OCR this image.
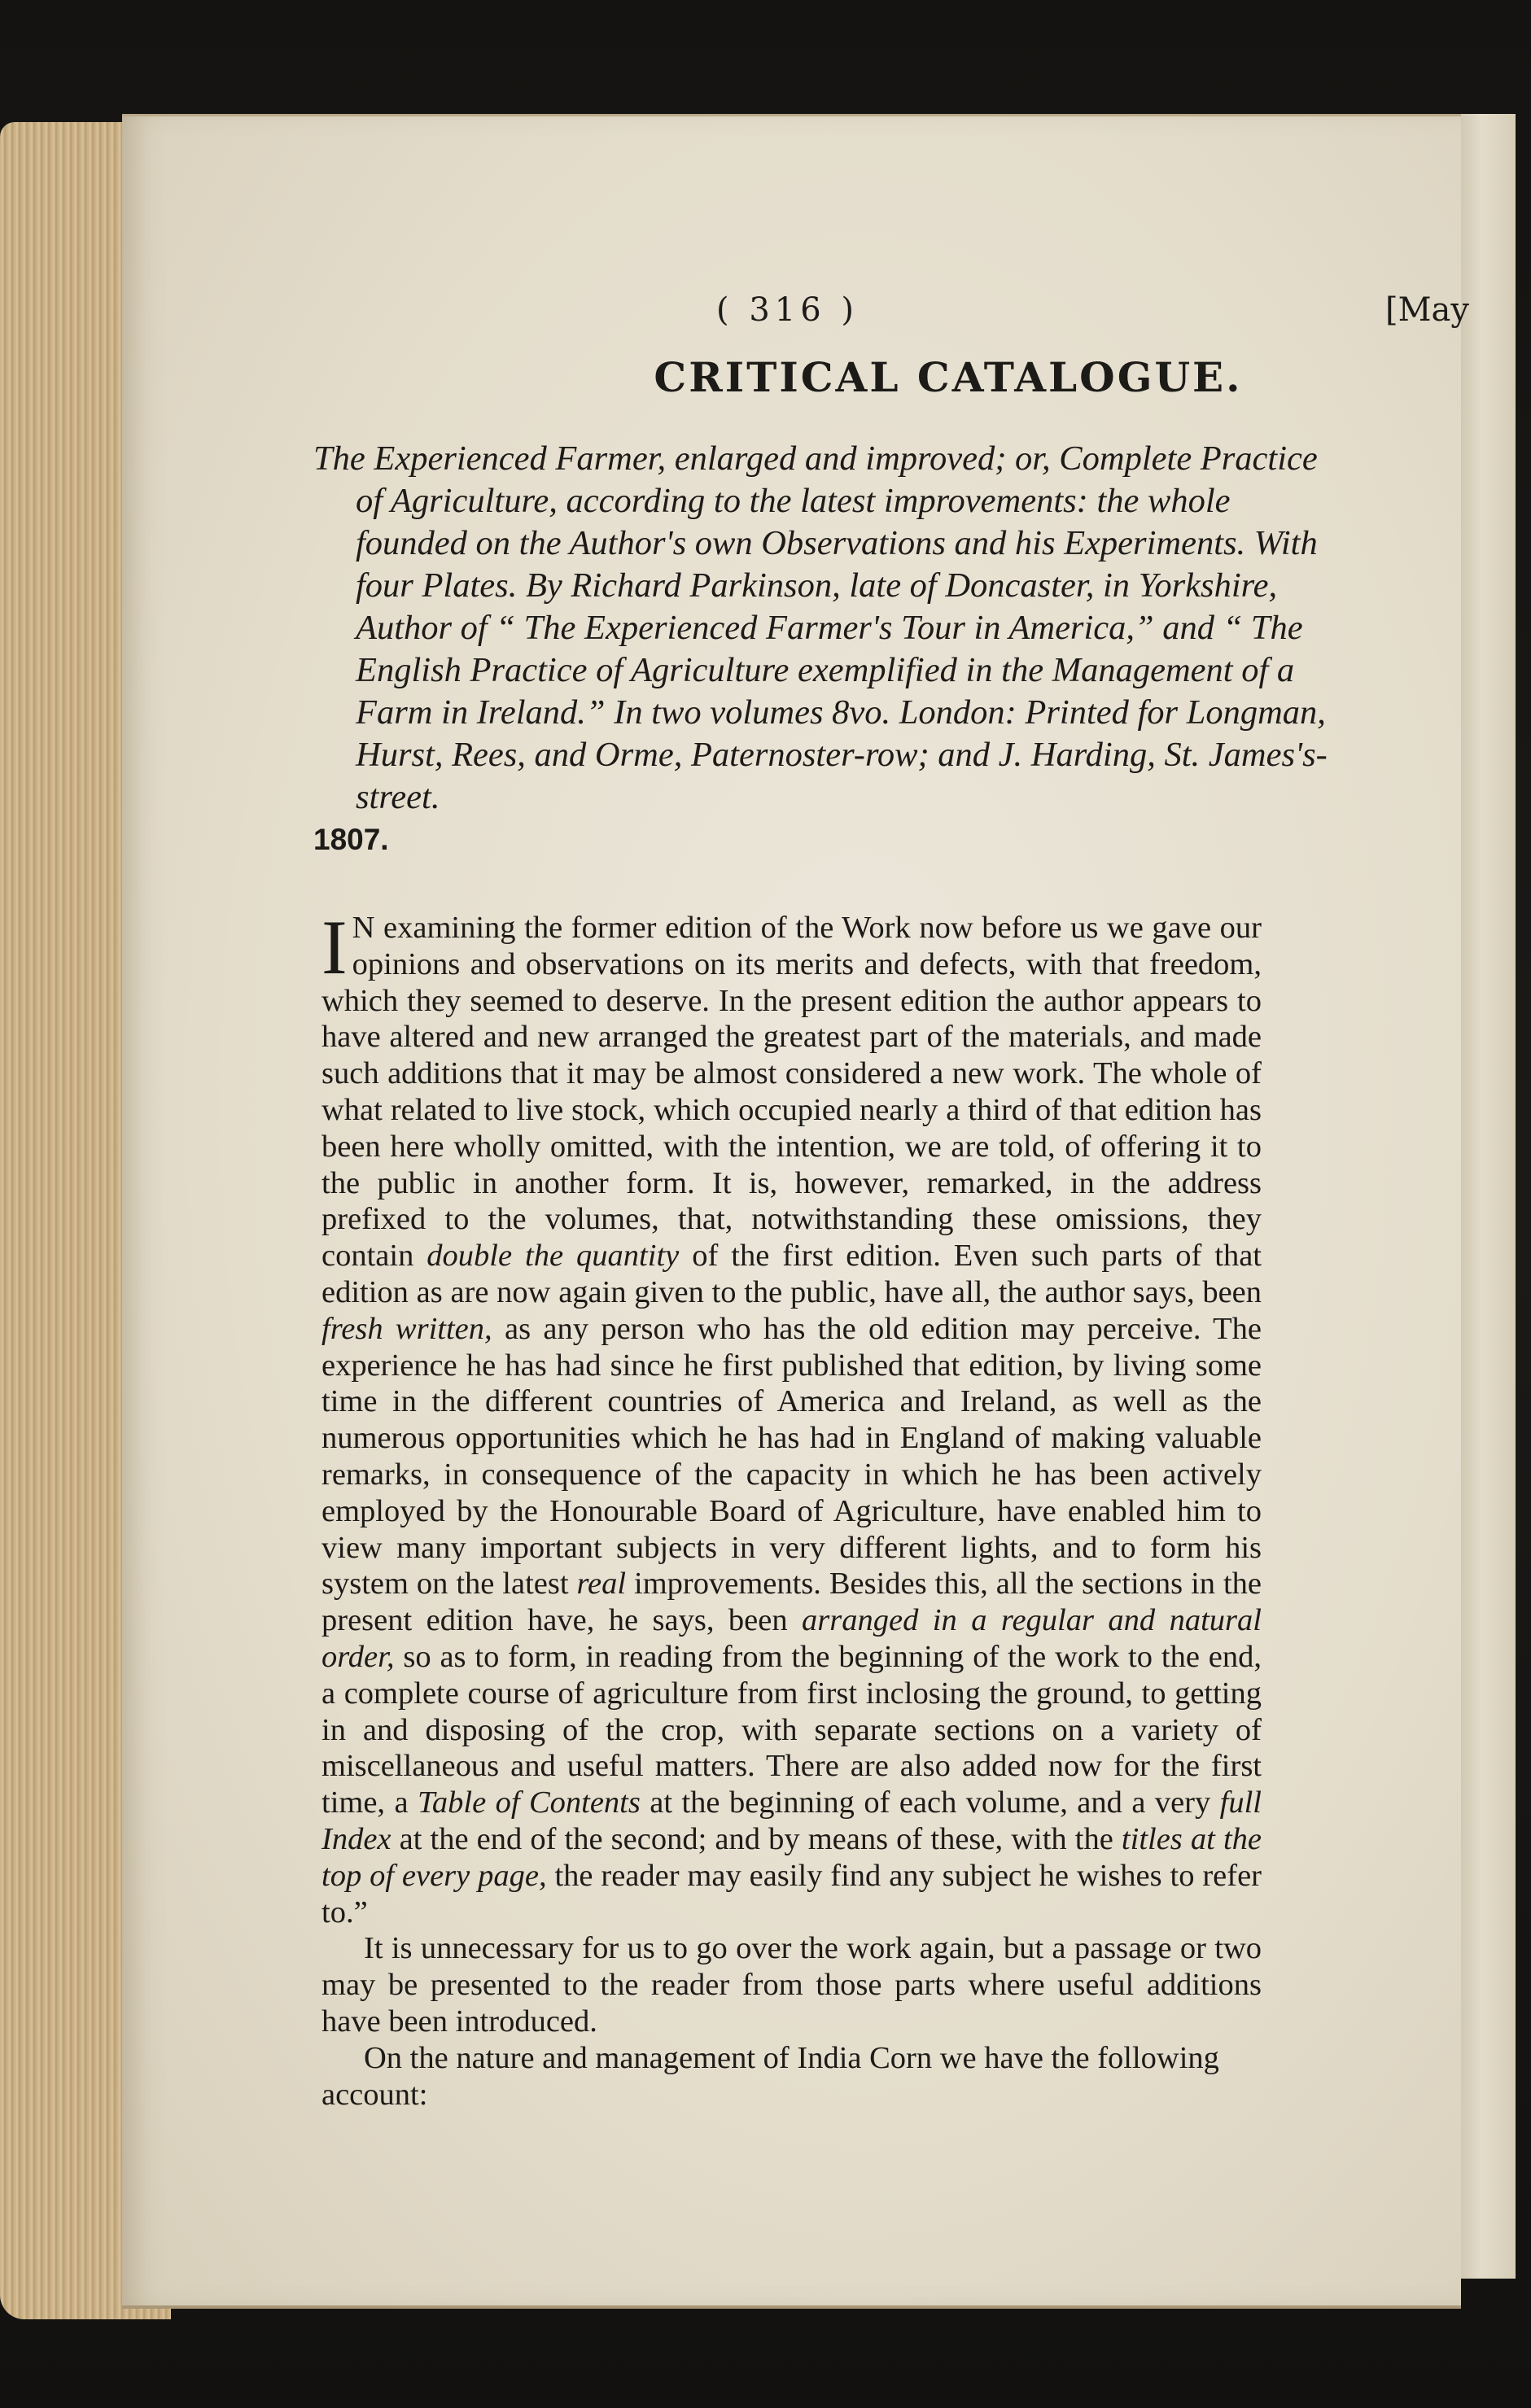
( 316 )	[May
CRITICAL CATALOGUE.
The Experienced Farmer, enlarged and improved; or, Complete Practice of Agriculture, according to the latest improvements: the whole founded on the Author's own Observations and his Experiments. With four Plates. By Richard Parkinson, late of Doncaster, in Yorkshire, Author of “ The Experienced Farmer's Tour in America,” and “ The English Practice of Agriculture exemplified in the Management of a Farm in Ireland.” In two volumes 8vo. London: Printed for Longman, Hurst, Rees, and Orme, Paternoster-row; and J. Harding, St. James's-street.
1807.

IN examining the former edition of the Work now before us we gave our opinions and observations on its merits and defects, with that freedom, which they seemed to deserve. In the present edition the author appears to have altered and new arranged the greatest part of the materials, and made such additions that it may be almost considered a new work. The whole of what related to live stock, which occupied nearly a third of that edition has been here wholly omitted, with the intention, we are told, of offering it to the public in another form. It is, however, remarked, in the address prefixed to the volumes, that, notwithstanding these omissions, they contain double the quantity of the first edition. Even such parts of that edition as are now again given to the public, have all, the author says, been fresh written, as any person who has the old edition may perceive. The experience he has had since he first published that edition, by living some time in the different countries of America and Ireland, as well as the numerous opportunities which he has had in England of making valuable remarks, in consequence of the capacity in which he has been actively employed by the Honourable Board of Agriculture, have enabled him to view many important subjects in very different lights, and to form his system on the latest real improvements. Besides this, all the sections in the present edition have, he says, been arranged in a regular and natural order, so as to form, in reading from the beginning of the work to the end, a complete course of agriculture from first inclosing the ground, to getting in and disposing of the crop, with separate sections on a variety of miscellaneous and useful matters. There are also added now for the first time, a Table of Contents at the beginning of each volume, and a very full Index at the end of the second; and by means of these, with the titles at the top of every page, the reader may easily find any subject he wishes to refer to.”

It is unnecessary for us to go over the work again, but a passage or two may be presented to the reader from those parts where useful additions have been introduced.

On the nature and management of India Corn we have the following account:
